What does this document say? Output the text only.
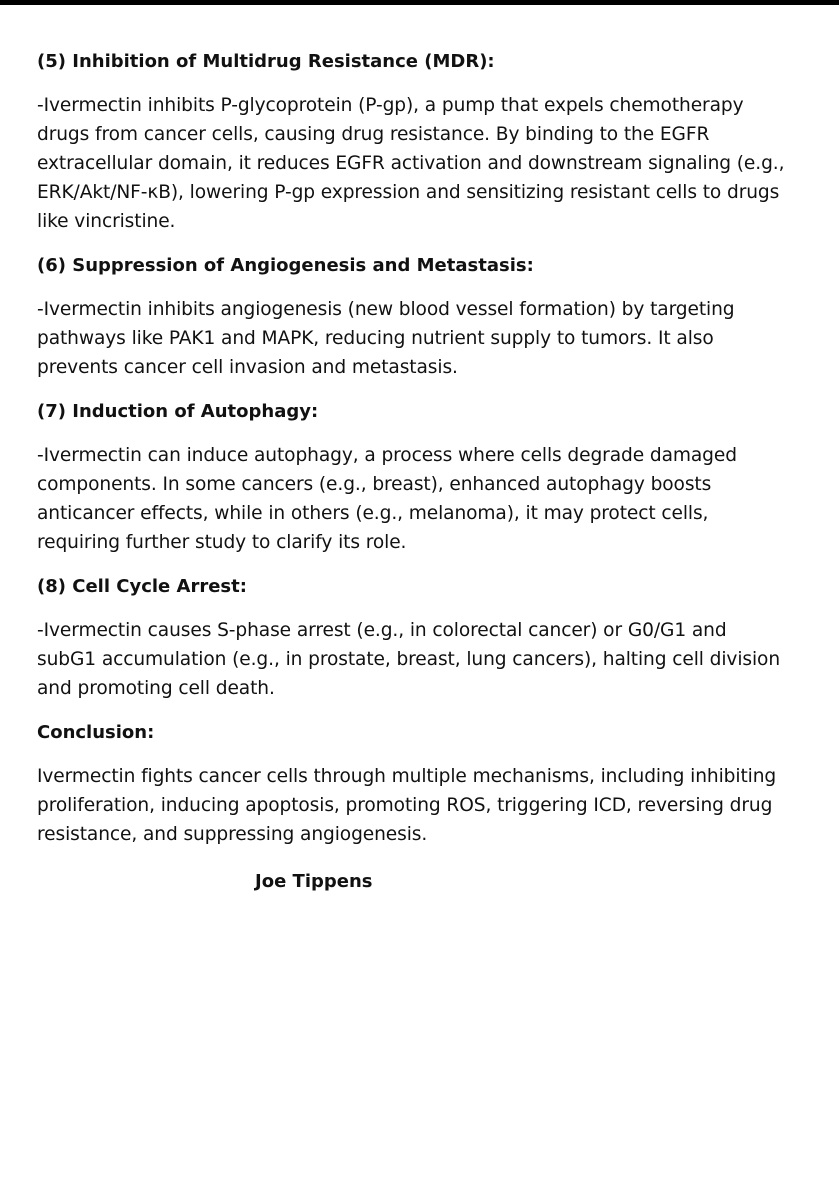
(5) Inhibition of Multidrug Resistance (MDR):
-Ivermectin inhibits P-glycoprotein (P-gp), a pump that expels chemotherapy
drugs from cancer cells, causing drug resistance. By binding to the EGFR
extracellular domain, it reduces EGFR activation and downstream signaling (e.g.,
ERK/Akt/NF-κB), lowering P-gp expression and sensitizing resistant cells to drugs
like vincristine.
(6) Suppression of Angiogenesis and Metastasis:
-Ivermectin inhibits angiogenesis (new blood vessel formation) by targeting
pathways like PAK1 and MAPK, reducing nutrient supply to tumors. It also
prevents cancer cell invasion and metastasis.
(7) Induction of Autophagy:
-Ivermectin can induce autophagy, a process where cells degrade damaged
components. In some cancers (e.g., breast), enhanced autophagy boosts
anticancer effects, while in others (e.g., melanoma), it may protect cells,
requiring further study to clarify its role.
(8) Cell Cycle Arrest:
-Ivermectin causes S-phase arrest (e.g., in colorectal cancer) or G0/G1 and
subG1 accumulation (e.g., in prostate, breast, lung cancers), halting cell division
and promoting cell death.
Conclusion:
Ivermectin fights cancer cells through multiple mechanisms, including inhibiting
proliferation, inducing apoptosis, promoting ROS, triggering ICD, reversing drug
resistance, and suppressing angiogenesis.
Joe Tippens
